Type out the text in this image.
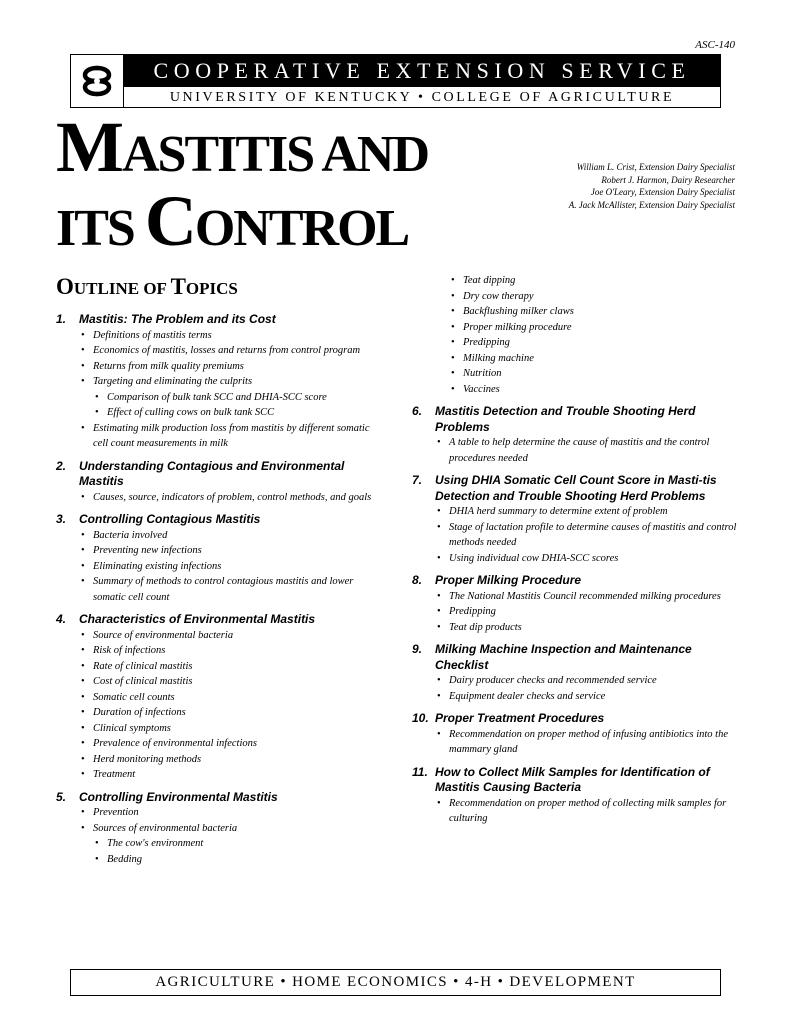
ASC-140
COOPERATIVE EXTENSION SERVICE
UNIVERSITY OF KENTUCKY • COLLEGE OF AGRICULTURE
MASTITIS AND
ITS CONTROL
William L. Crist, Extension Dairy Specialist
Robert J. Harmon, Dairy Researcher
Joe O'Leary, Extension Dairy Specialist
A. Jack McAllister, Extension Dairy Specialist
OUTLINE OF TOPICS
1.	Mastitis: The Problem and its Cost
• Definitions of mastitis terms
• Economics of mastitis, losses and returns from control program
• Returns from milk quality premiums
• Targeting and eliminating the culprits
• Comparison of bulk tank SCC and DHIA-SCC score
• Effect of culling cows on bulk tank SCC
• Estimating milk production loss from mastitis by different somatic cell count measurements in milk
2.	Understanding Contagious and Environmental Mastitis
• Causes, source, indicators of problem, control methods, and goals
3.	Controlling Contagious Mastitis
• Bacteria involved
• Preventing new infections
• Eliminating existing infections
• Summary of methods to control contagious mastitis and lower somatic cell count
4.	Characteristics of Environmental Mastitis
• Source of environmental bacteria
• Risk of infections
• Rate of clinical mastitis
• Cost of clinical mastitis
• Somatic cell counts
• Duration of infections
• Clinical symptoms
• Prevalence of environmental infections
• Herd monitoring methods
• Treatment
5.	Controlling Environmental Mastitis
• Prevention
• Sources of environmental bacteria
• The cow's environment
• Bedding
• Teat dipping
• Dry cow therapy
• Backflushing milker claws
• Proper milking procedure
• Predipping
• Milking machine
• Nutrition
• Vaccines
6.	Mastitis Detection and Trouble Shooting Herd Problems
• A table to help determine the cause of mastitis and the control procedures needed
7.	Using DHIA Somatic Cell Count Score in Masti-tis Detection and Trouble Shooting Herd Problems
• DHIA herd summary to determine extent of problem
• Stage of lactation profile to determine causes of mastitis and control methods needed
• Using individual cow DHIA-SCC scores
8.	Proper Milking Procedure
• The National Mastitis Council recommended milking procedures
• Predipping
• Teat dip products
9.	Milking Machine Inspection and Maintenance Checklist
• Dairy producer checks and recommended service
• Equipment dealer checks and service
10. Proper Treatment Procedures
• Recommendation on proper method of infusing antibiotics into the mammary gland
11. How to Collect Milk Samples for Identification of Mastitis Causing Bacteria
• Recommendation on proper method of collecting milk samples for culturing
AGRICULTURE • HOME ECONOMICS • 4-H • DEVELOPMENT
